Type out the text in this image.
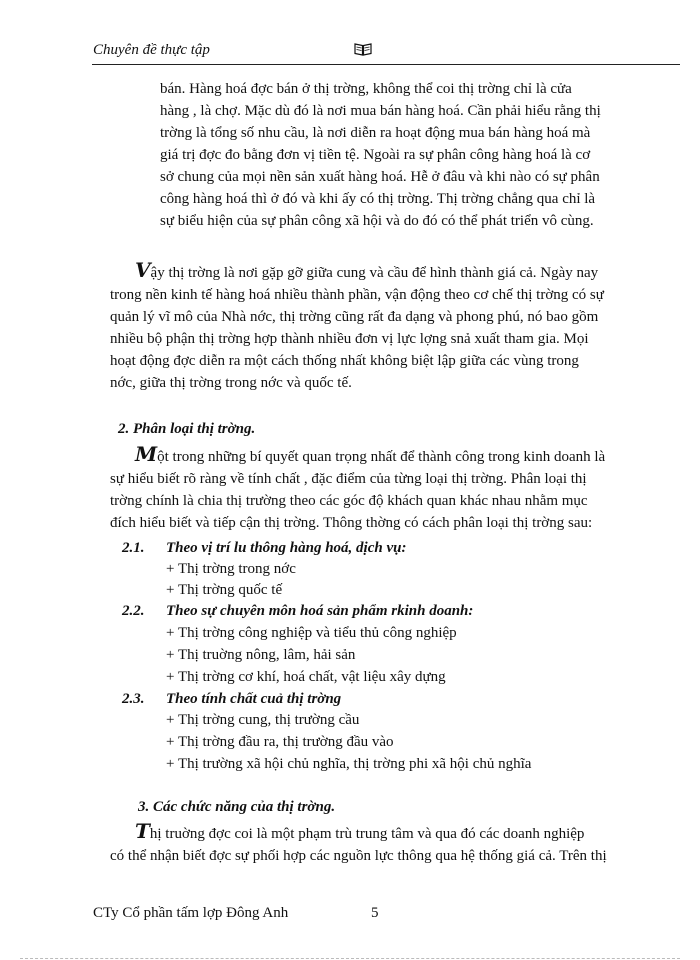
Chuyên đề thực tập
bán. Hàng hoá đợc bán ở thị trờng, không thể coi thị trờng chỉ là cửa
hàng , là chợ. Mặc dù đó là nơi mua bán hàng hoá. Cần phải hiểu rằng thị
trờng là tổng số nhu cầu, là nơi diễn ra hoạt động mua bán hàng hoá mà
giá trị đợc đo bằng đơn vị tiền tệ. Ngoài ra sự phân công hàng hoá là cơ
sở chung của mọi nền sản xuất hàng hoá. Hễ ở đâu và khi nào có sự phân
công hàng hoá thì ở đó và khi ấy có thị trờng. Thị trờng chẳng qua chỉ là
sự biểu hiện của sự phân công xã hội và do đó có thể phát triển vô cùng.
Vậy thị trờng là nơi gặp gỡ giữa cung và cầu để hình thành giá cả. Ngày nay
trong nền kinh tế hàng hoá nhiều thành phần, vận động theo cơ chế thị trờng có sự
quản lý vĩ mô của Nhà nớc, thị trờng cũng rất đa dạng và phong phú, nó bao gồm
nhiều bộ phận thị trờng hợp thành nhiều đơn vị lực lợng snả xuất tham gia. Mọi
hoạt động đợc diễn ra một cách thống nhất không biệt lập giữa các vùng trong
nớc, giữa thị trờng trong nớc và quốc tế.
2. Phân loại thị trờng.
Một trong những bí quyết quan trọng nhất để thành công trong kinh doanh là
sự hiểu biết rõ ràng về tính chất , đặc điểm của từng loại thị trờng. Phân loại thị
trờng chính là chia thị trường theo các góc độ khách quan khác nhau nhằm mục
đích hiểu biết và tiếp cận thị trờng. Thông thờng có cách phân loại thị trờng sau:
2.1. Theo vị trí lu thông hàng hoá, dịch vụ:
+ Thị trờng trong nớc
+ Thị trờng quốc tế
2.2. Theo sự chuyên môn hoá sản phẩm rkinh doanh:
+ Thị trờng công nghiệp và tiểu thủ công nghiệp
+ Thị truờng nông, lâm, hải sản
+ Thị trờng cơ khí, hoá chất, vật liệu xây dựng
2.3. Theo tính chất cuả thị trờng
+ Thị trờng cung, thị trường cầu
+ Thị trờng đầu ra, thị trường đầu vào
+ Thị trường xã hội chủ nghĩa, thị trờng phi xã hội chủ nghĩa
3. Các chức năng của thị trờng.
Thị truờng đợc coi là một phạm trù trung tâm và qua đó các doanh nghiệp
có thể nhận biết đợc sự phối hợp các nguồn lực thông qua hệ thống giá cả. Trên thị
CTy Cổ phần tấm lợp Đông Anh	5
